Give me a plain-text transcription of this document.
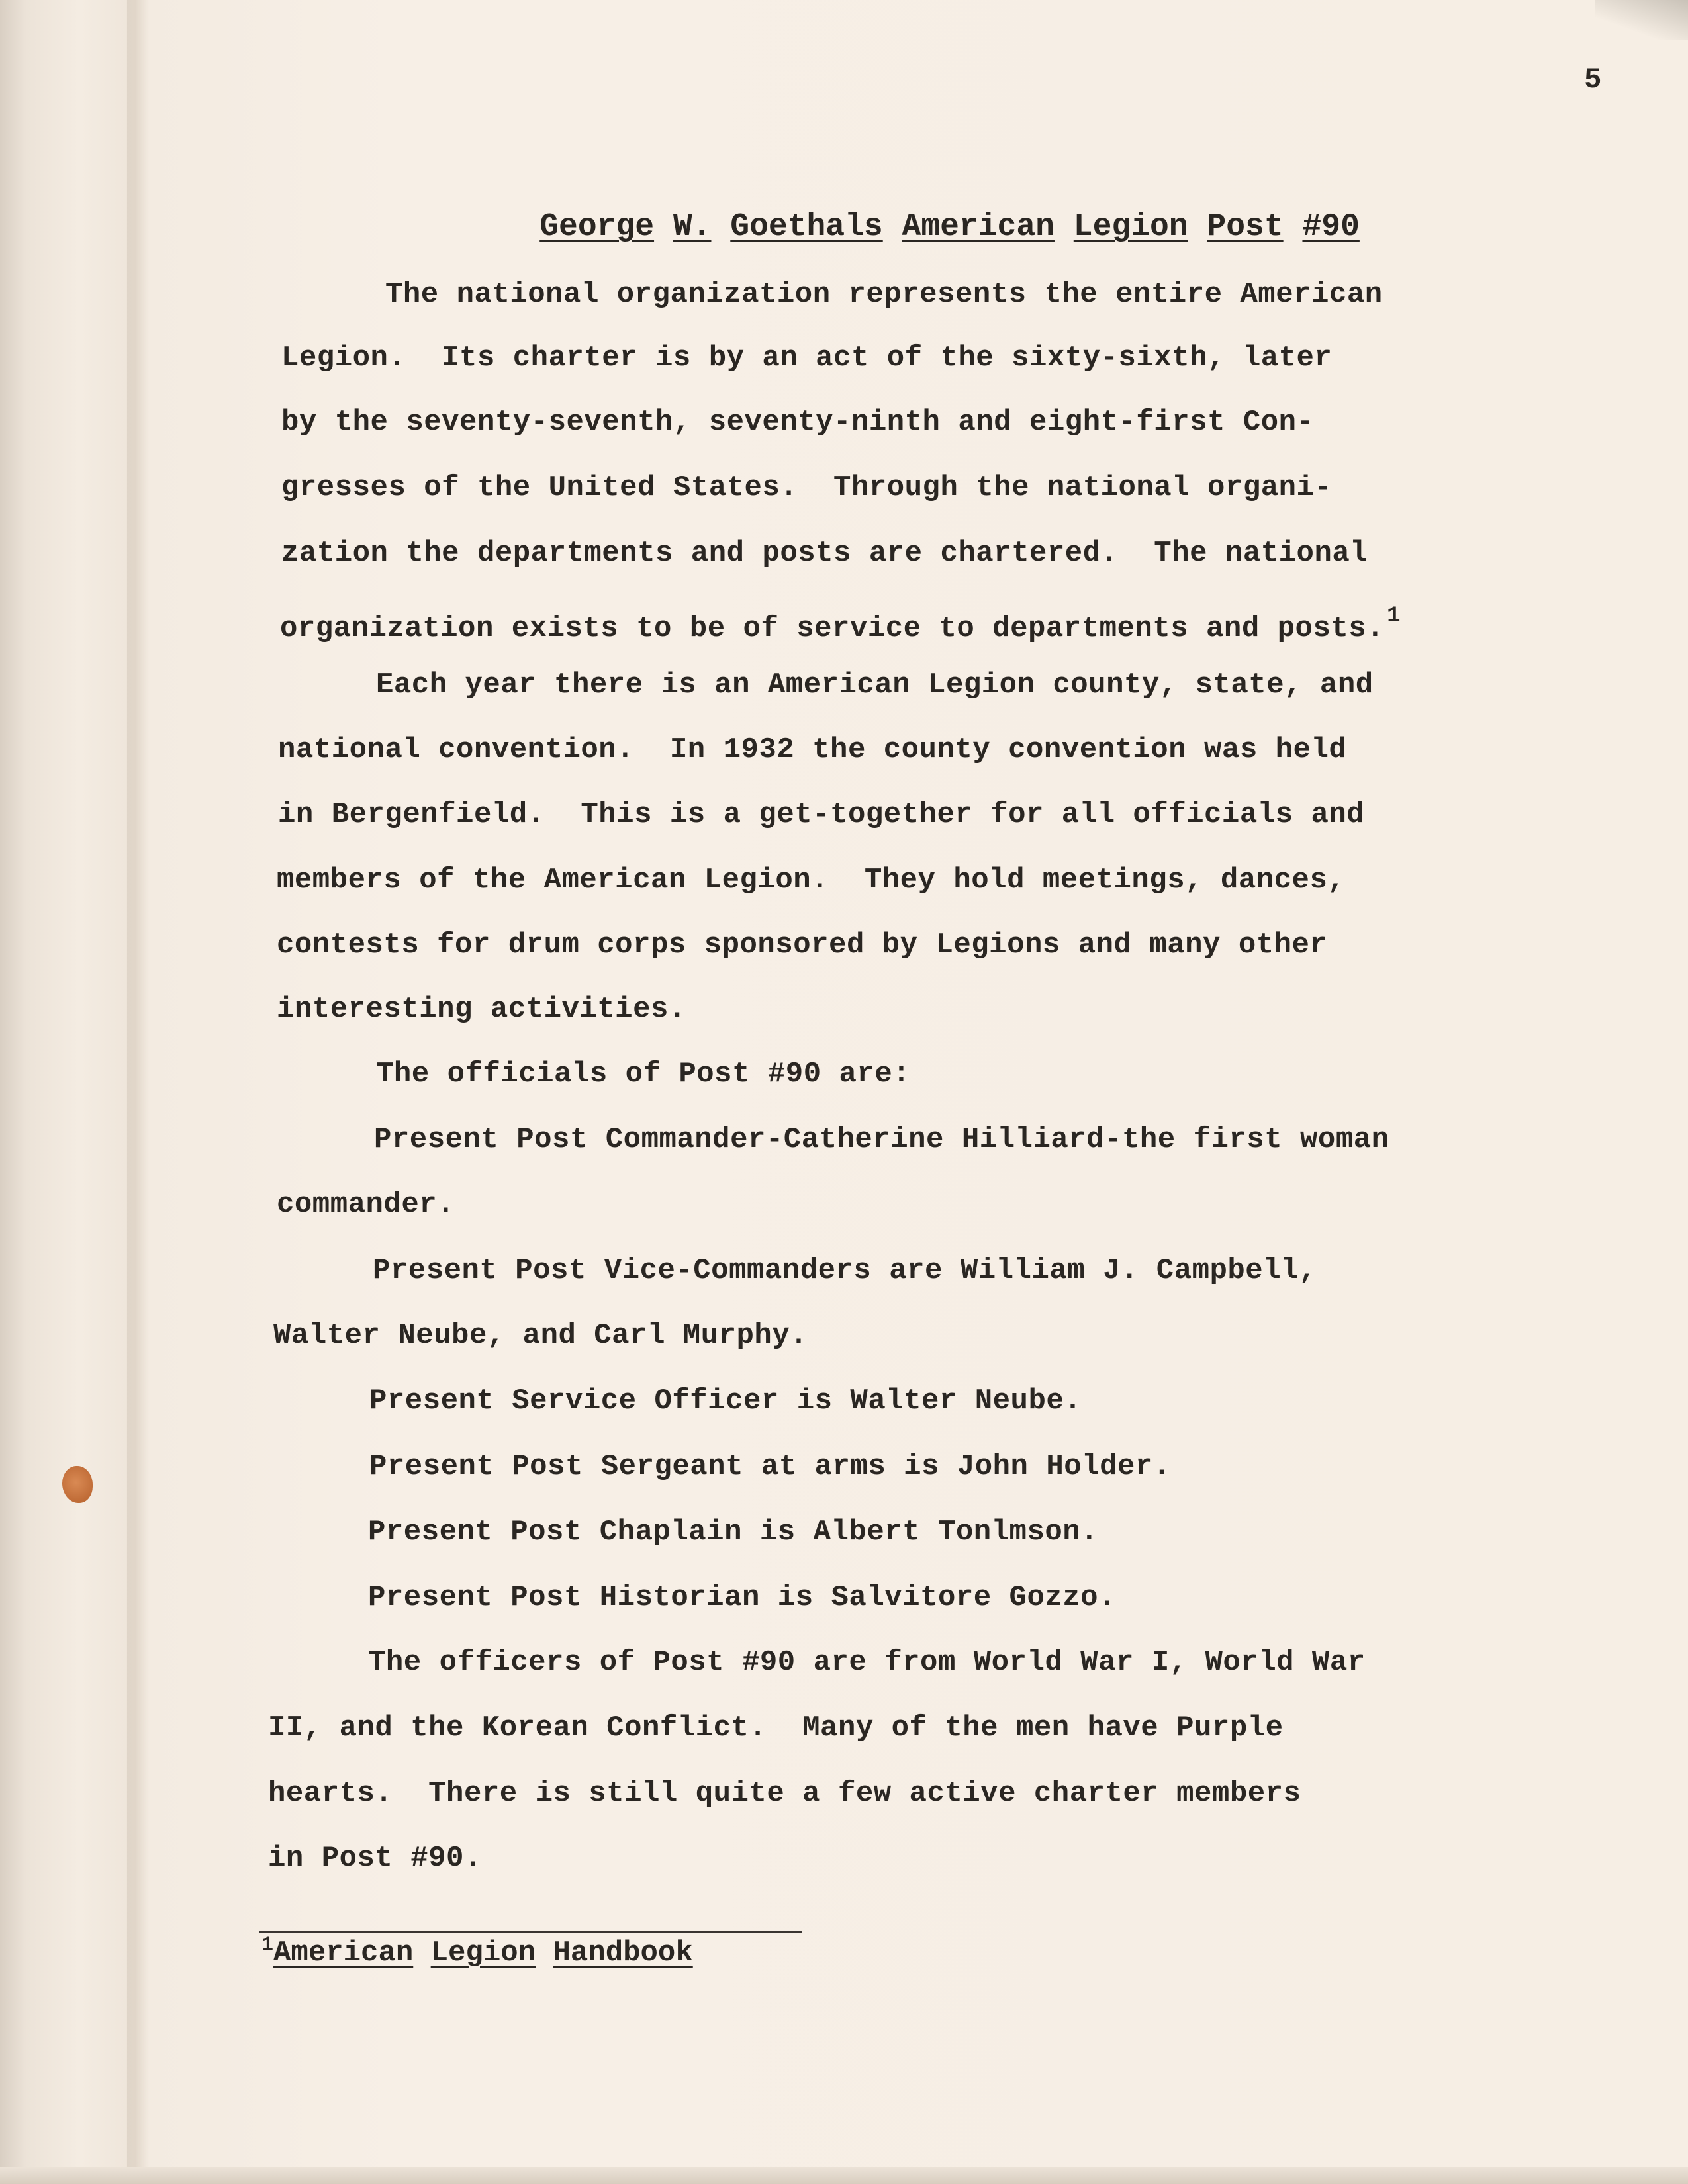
5

George W. Goethals American Legion Post #90

The national organization represents the entire American
Legion.  Its charter is by an act of the sixty-sixth, later
by the seventy-seventh, seventy-ninth and eight-first Con-
gresses of the United States.  Through the national organi-
zation the departments and posts are chartered.  The national
organization exists to be of service to departments and posts. $^1$
Each year there is an American Legion county, state, and
national convention.  In 1932 the county convention was held
in Bergenfield.  This is a get-together for all officials and
members of the American Legion.  They hold meetings, dances,
contests for drum corps sponsored by Legions and many other
interesting activities.
The officials of Post #90 are:
Present Post Commander-Catherine Hilliard-the first woman
commander.
Present Post Vice-Commanders are William J. Campbell,
Walter Neube, and Carl Murphy.
Present Service Officer is Walter Neube.
Present Post Sergeant at arms is John Holder.
Present Post Chaplain is Albert Tonlmson.
Present Post Historian is Salvitore Gozzo.
The officers of Post #90 are from World War I, World War
II, and the Korean Conflict.  Many of the men have Purple
hearts.  There is still quite a few active charter members
in Post #90.
$^1$American Legion Handbook
